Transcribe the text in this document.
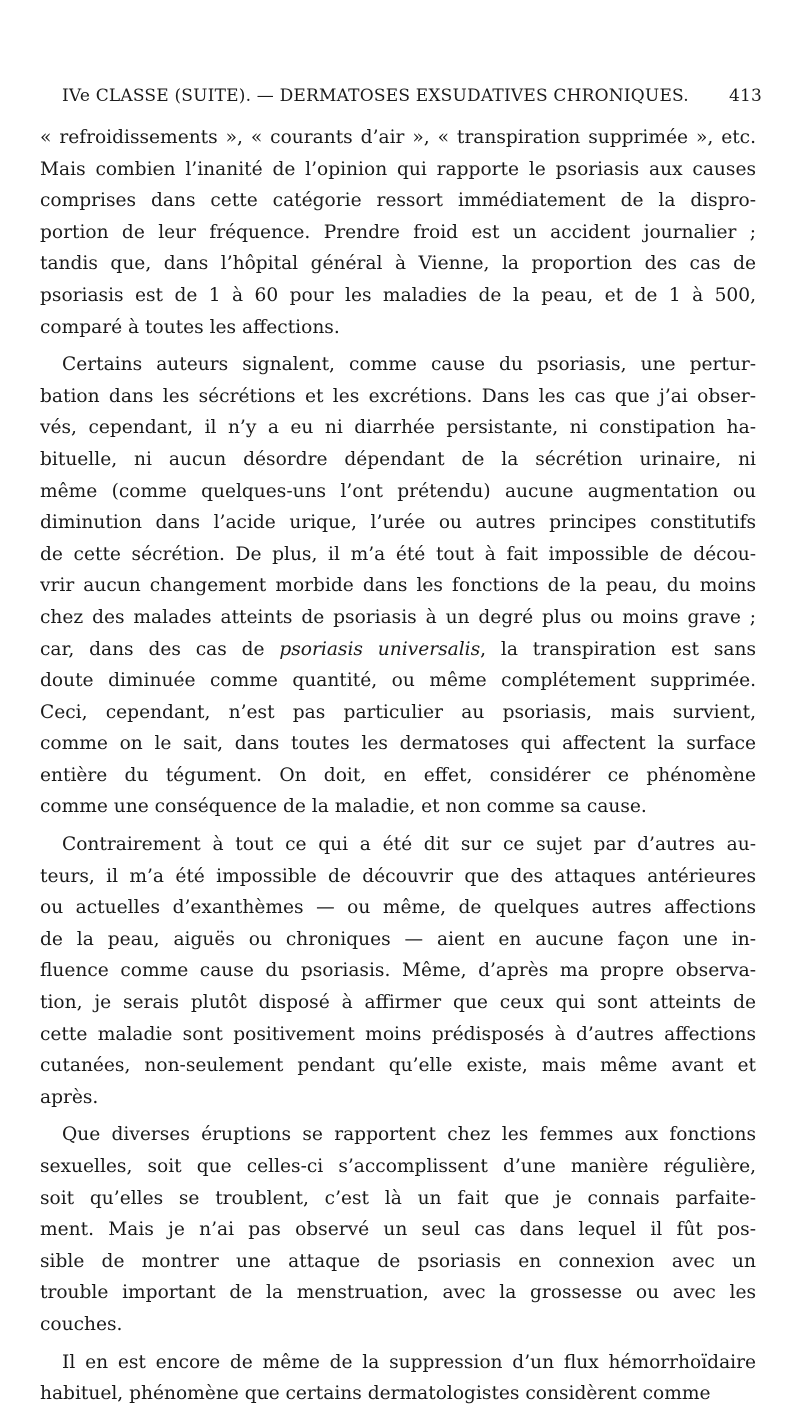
IVe CLASSE (SUITE). — DERMATOSES EXSUDATIVES CHRONIQUES. 413
« refroidissements », « courants d’air », « transpiration supprimée », etc.
Mais combien l’inanité de l’opinion qui rapporte le psoriasis aux causes
comprises dans cette catégorie ressort immédiatement de la dispro-
portion de leur fréquence. Prendre froid est un accident journalier ;
tandis que, dans l’hôpital général à Vienne, la proportion des cas de
psoriasis est de 1 à 60 pour les maladies de la peau, et de 1 à 500,
comparé à toutes les affections.
Certains auteurs signalent, comme cause du psoriasis, une pertur-
bation dans les sécrétions et les excrétions. Dans les cas que j’ai obser-
vés, cependant, il n’y a eu ni diarrhée persistante, ni constipation ha-
bituelle, ni aucun désordre dépendant de la sécrétion urinaire, ni
même (comme quelques-uns l’ont prétendu) aucune augmentation ou
diminution dans l’acide urique, l’urée ou autres principes constitutifs
de cette sécrétion. De plus, il m’a été tout à fait impossible de décou-
vrir aucun changement morbide dans les fonctions de la peau, du moins
chez des malades atteints de psoriasis à un degré plus ou moins grave ;
car, dans des cas de psoriasis universalis, la transpiration est sans
doute diminuée comme quantité, ou même complétement supprimée.
Ceci, cependant, n’est pas particulier au psoriasis, mais survient,
comme on le sait, dans toutes les dermatoses qui affectent la surface
entière du tégument. On doit, en effet, considérer ce phénomène
comme une conséquence de la maladie, et non comme sa cause.
Contrairement à tout ce qui a été dit sur ce sujet par d’autres au-
teurs, il m’a été impossible de découvrir que des attaques antérieures
ou actuelles d’exanthèmes — ou même, de quelques autres affections
de la peau, aiguës ou chroniques — aient en aucune façon une in-
fluence comme cause du psoriasis. Même, d’après ma propre observa-
tion, je serais plutôt disposé à affirmer que ceux qui sont atteints de
cette maladie sont positivement moins prédisposés à d’autres affections
cutanées, non-seulement pendant qu’elle existe, mais même avant et
après.
Que diverses éruptions se rapportent chez les femmes aux fonctions
sexuelles, soit que celles-ci s’accomplissent d’une manière régulière,
soit qu’elles se troublent, c’est là un fait que je connais parfaite-
ment. Mais je n’ai pas observé un seul cas dans lequel il fût pos-
sible de montrer une attaque de psoriasis en connexion avec un
trouble important de la menstruation, avec la grossesse ou avec les
couches.
Il en est encore de même de la suppression d’un flux hémorrhoïdaire
habituel, phénomène que certains dermatologistes considèrent comme
